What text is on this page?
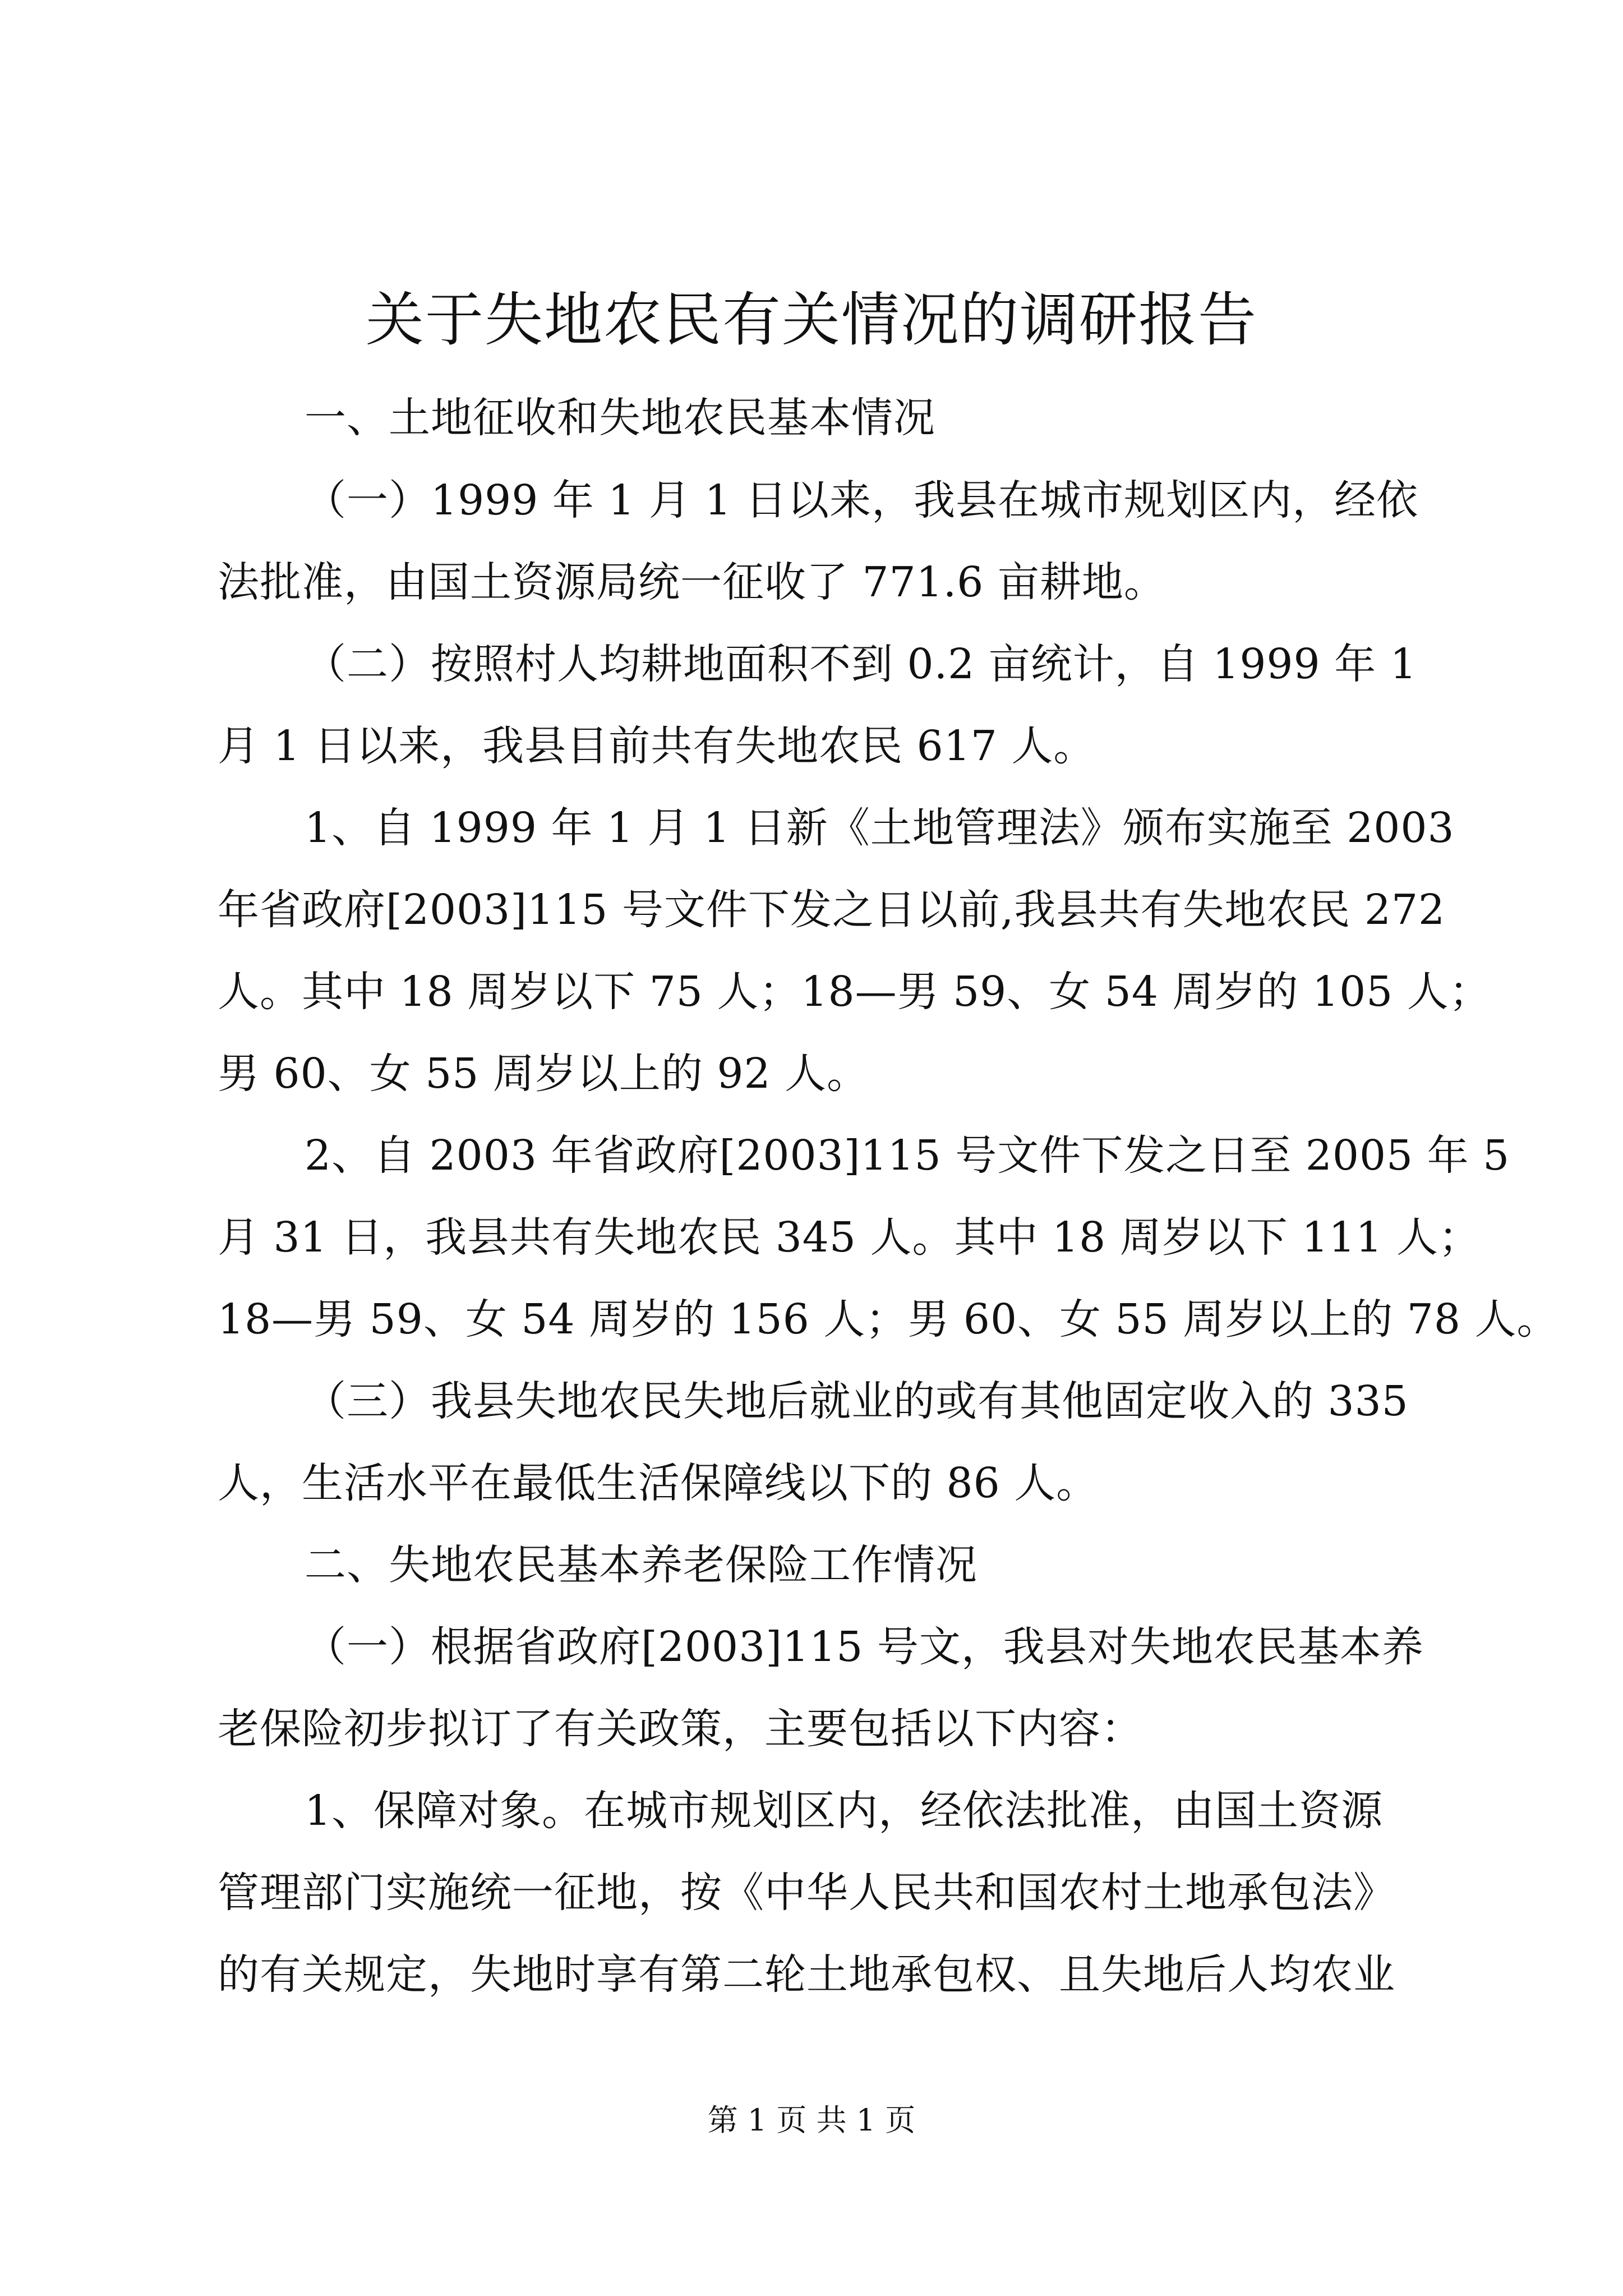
关于失地农民有关情况的调研报告
一、土地征收和失地农民基本情况
（一）1999 年 1 月 1 日以来，我县在城市规划区内，经依
法批准，由国土资源局统一征收了 771.6 亩耕地。
（二）按照村人均耕地面积不到 0.2 亩统计，自 1999 年 1
月 1 日以来，我县目前共有失地农民 617 人。
1、自 1999 年 1 月 1 日新《土地管理法》颁布实施至 2003
年省政府[2003]115 号文件下发之日以前,我县共有失地农民 272
人。其中 18 周岁以下 75 人；18—男 59、女 54 周岁的 105 人；
男 60、女 55 周岁以上的 92 人。
2、自 2003 年省政府[2003]115 号文件下发之日至 2005 年 5
月 31 日，我县共有失地农民 345 人。其中 18 周岁以下 111 人；
18—男 59、女 54 周岁的 156 人；男 60、女 55 周岁以上的 78 人。
（三）我县失地农民失地后就业的或有其他固定收入的 335
人，生活水平在最低生活保障线以下的 86 人。
二、失地农民基本养老保险工作情况
（一）根据省政府[2003]115 号文，我县对失地农民基本养
老保险初步拟订了有关政策，主要包括以下内容：
1、保障对象。在城市规划区内，经依法批准，由国土资源
管理部门实施统一征地，按《中华人民共和国农村土地承包法》
的有关规定，失地时享有第二轮土地承包权、且失地后人均农业
第 1 页 共 1 页
